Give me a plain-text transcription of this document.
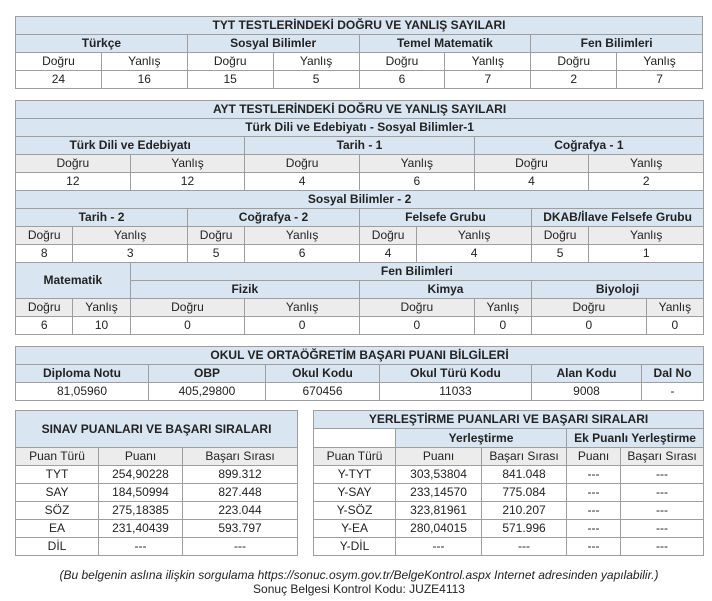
TYT TESTLERİNDEKİ DOĞRU VE YANLIŞ SAYILARI							
Türkçe		Sosyal Bilimler		Temel Matematik		Fen Bilimleri	
Doğru	Yanlış	Doğru	Yanlış	Doğru	Yanlış	Doğru	Yanlış
24	16	15	5	6	7	2	7
AYT TESTLERİNDEKİ DOĞRU VE YANLIŞ SAYILARI										
Türk Dili ve Edebiyatı - Sosyal Bilimler-1										
Türk Dili ve Edebiyatı				Tarih - 1			Coğrafya - 1			
Doğru		Yanlış		Doğru	Yanlış		Doğru		Yanlış	
12		12		4	6		4		2	
Sosyal Bilimler - 2										
Tarih - 2			Coğrafya - 2		Felsefe Grubu			DKAB/İlave Felsefe Grubu		
Doğru	Yanlış		Doğru	Yanlış	Doğru	Yanlış		Doğru	Yanlış	
8	3		5	6	4	4		5	1	
Matematik		Fen Bilimleri								
		Fizik			Kimya			Biyoloji		
Doğru	Yanlış	Doğru		Yanlış	Doğru		Yanlış	Doğru		Yanlış
6	10	0		0	0		0	0		0
OKUL VE ORTAÖĞRETİM BAŞARI PUANI BİLGİLERİ					
Diploma Notu	OBP	Okul Kodu	Okul Türü Kodu	Alan Kodu	Dal No
81,05960	405,29800	670456	11033	9008	-
SINAV PUANLARI VE BAŞARI SIRALARI				YERLEŞTİRME PUANLARI VE BAŞARI SIRALARI				
					Yerleştirme		Ek Puanlı Yerleştirme	

Puan Türü	Puanı	Başarı Sırası		Puan Türü	Puanı	Başarı Sırası	Puanı	Başarı Sırası
TYT	254,90228	899.312		Y-TYT	303,53804	841.048	---	---
SAY	184,50994	827.448		Y-SAY	233,14570	775.084	---	---
SÖZ	275,18385	223.044		Y-SÖZ	323,81961	210.207	---	---
EA	231,40439	593.797		Y-EA	280,04015	571.996	---	---
DİL	---	---		Y-DİL	---	---	---	---
(Bu belgenin aslına ilişkin sorgulama https://sonuc.osym.gov.tr/BelgeKontrol.aspx Internet adresinden yapılabilir.)
Sonuç Belgesi Kontrol Kodu: JUZE4113
